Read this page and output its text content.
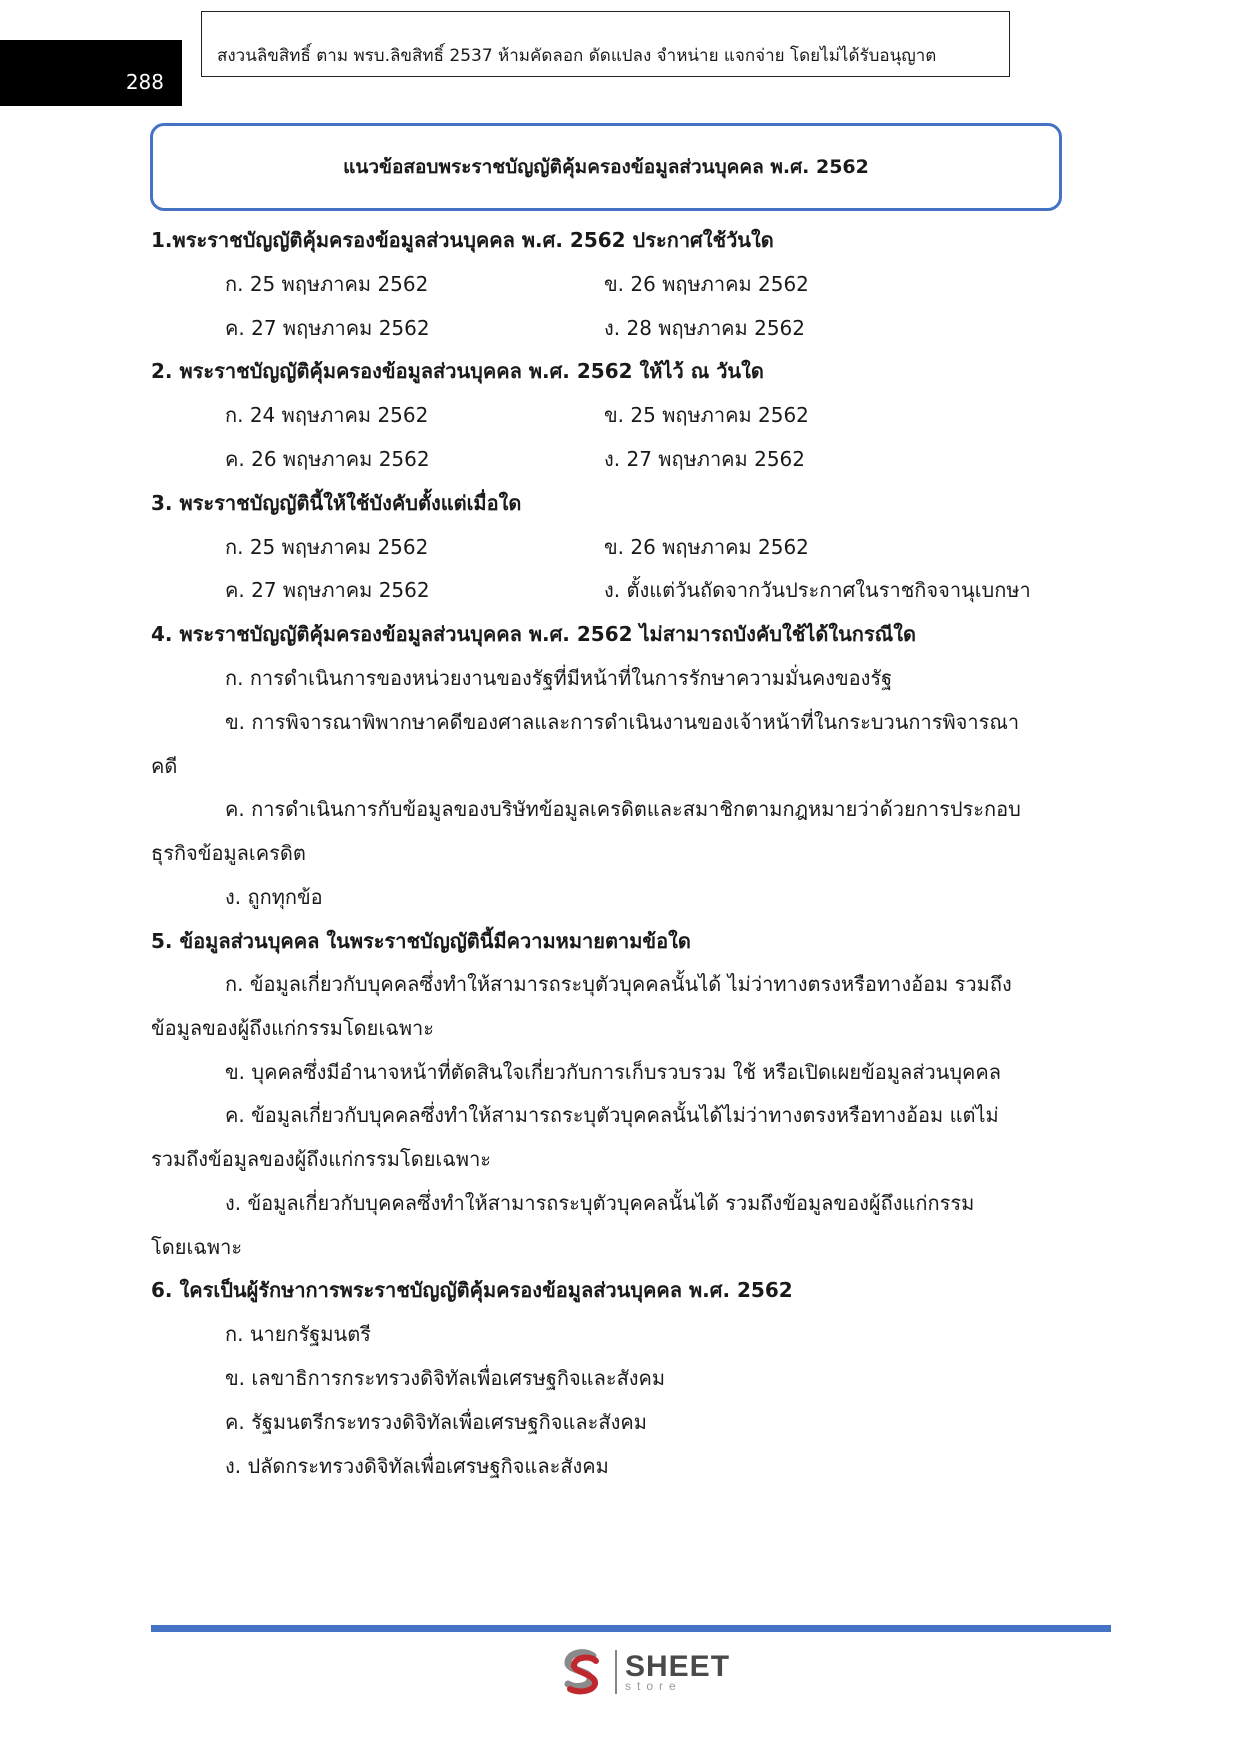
288
สงวนลิขสิทธิ์ ตาม พรบ.ลิขสิทธิ์ 2537 ห้ามคัดลอก ดัดแปลง จำหน่าย แจกจ่าย โดยไม่ได้รับอนุญาต
แนวข้อสอบพระราชบัญญัติคุ้มครองข้อมูลส่วนบุคคล พ.ศ. 2562
1.พระราชบัญญัติคุ้มครองข้อมูลส่วนบุคคล พ.ศ. 2562 ประกาศใช้วันใด
ก. 25 พฤษภาคม 2562	ข. 26 พฤษภาคม 2562
ค. 27 พฤษภาคม 2562	ง. 28 พฤษภาคม 2562
2. พระราชบัญญัติคุ้มครองข้อมูลส่วนบุคคล พ.ศ. 2562 ให้ไว้ ณ วันใด
ก. 24 พฤษภาคม 2562	ข. 25 พฤษภาคม 2562
ค. 26 พฤษภาคม 2562	ง. 27 พฤษภาคม 2562
3. พระราชบัญญัตินี้ให้ใช้บังคับตั้งแต่เมื่อใด
ก. 25 พฤษภาคม 2562	ข. 26 พฤษภาคม 2562
ค. 27 พฤษภาคม 2562	ง. ตั้งแต่วันถัดจากวันประกาศในราชกิจจานุเบกษา
4. พระราชบัญญัติคุ้มครองข้อมูลส่วนบุคคล พ.ศ. 2562 ไม่สามารถบังคับใช้ได้ในกรณีใด
ก. การดำเนินการของหน่วยงานของรัฐที่มีหน้าที่ในการรักษาความมั่นคงของรัฐ
ข. การพิจารณาพิพากษาคดีของศาลและการดำเนินงานของเจ้าหน้าที่ในกระบวนการพิจารณา
คดี
ค. การดำเนินการกับข้อมูลของบริษัทข้อมูลเครดิตและสมาชิกตามกฎหมายว่าด้วยการประกอบ
ธุรกิจข้อมูลเครดิต
ง. ถูกทุกข้อ
5. ข้อมูลส่วนบุคคล ในพระราชบัญญัตินี้มีความหมายตามข้อใด
ก. ข้อมูลเกี่ยวกับบุคคลซึ่งทำให้สามารถระบุตัวบุคคลนั้นได้ ไม่ว่าทางตรงหรือทางอ้อม รวมถึง
ข้อมูลของผู้ถึงแก่กรรมโดยเฉพาะ
ข. บุคคลซึ่งมีอำนาจหน้าที่ตัดสินใจเกี่ยวกับการเก็บรวบรวม ใช้ หรือเปิดเผยข้อมูลส่วนบุคคล
ค. ข้อมูลเกี่ยวกับบุคคลซึ่งทำให้สามารถระบุตัวบุคคลนั้นได้ไม่ว่าทางตรงหรือทางอ้อม แต่ไม่
รวมถึงข้อมูลของผู้ถึงแก่กรรมโดยเฉพาะ
ง. ข้อมูลเกี่ยวกับบุคคลซึ่งทำให้สามารถระบุตัวบุคคลนั้นได้ รวมถึงข้อมูลของผู้ถึงแก่กรรม
โดยเฉพาะ
6. ใครเป็นผู้รักษาการพระราชบัญญัติคุ้มครองข้อมูลส่วนบุคคล พ.ศ. 2562
ก. นายกรัฐมนตรี
ข. เลขาธิการกระทรวงดิจิทัลเพื่อเศรษฐกิจและสังคม
ค. รัฐมนตรีกระทรวงดิจิทัลเพื่อเศรษฐกิจและสังคม
ง. ปลัดกระทรวงดิจิทัลเพื่อเศรษฐกิจและสังคม
SHEET
store
